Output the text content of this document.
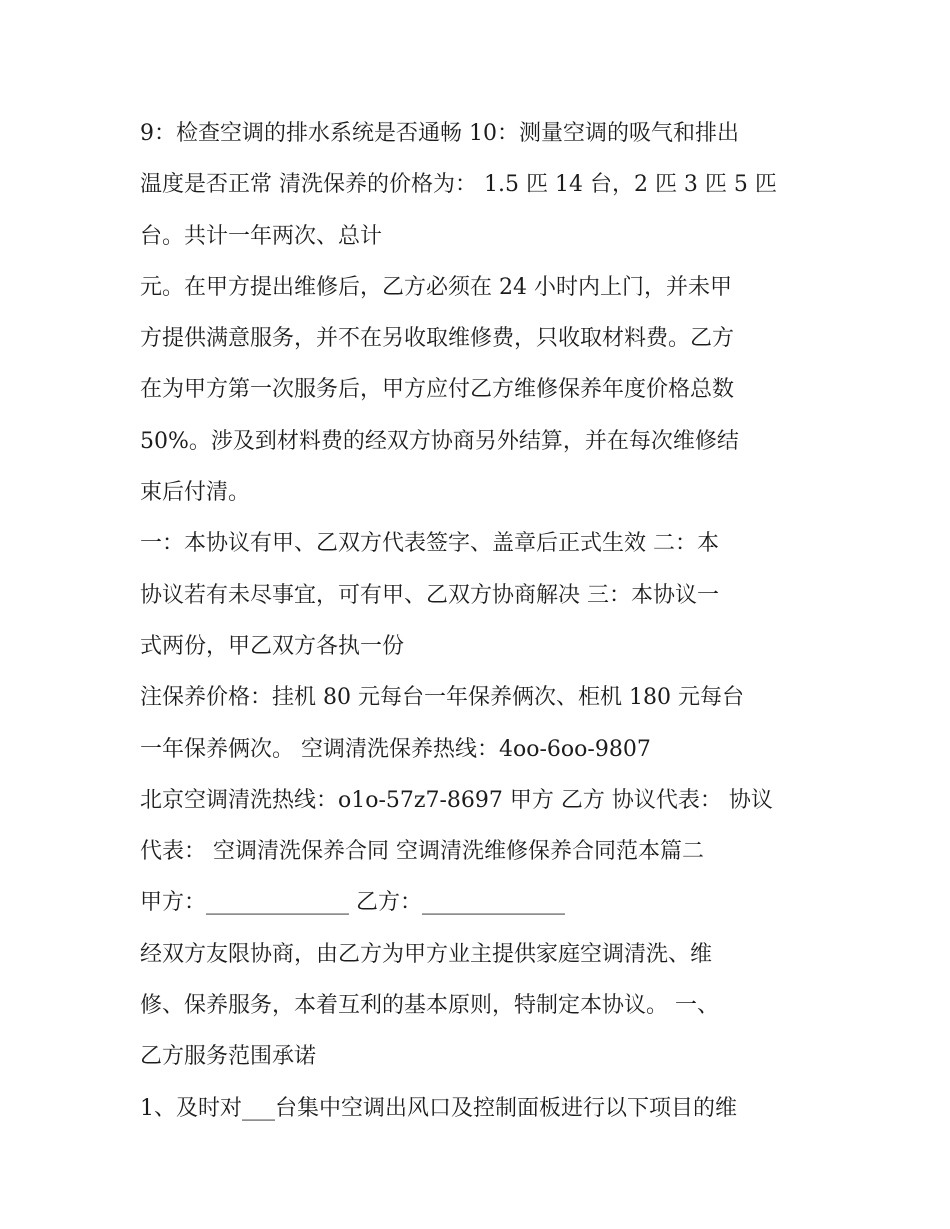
9：检查空调的排水系统是否通畅 10：测量空调的吸气和排出
温度是否正常 清洗保养的价格为： 1.5 匹 14 台，2 匹 3 匹 5 匹
台。共计一年两次、总计
元。在甲方提出维修后，乙方必须在 24 小时内上门，并未甲
方提供满意服务，并不在另收取维修费，只收取材料费。乙方
在为甲方第一次服务后，甲方应付乙方维修保养年度价格总数
50%。涉及到材料费的经双方协商另外结算，并在每次维修结
束后付清。
一：本协议有甲、乙双方代表签字、盖章后正式生效 二：本
协议若有未尽事宜，可有甲、乙双方协商解决 三：本协议一
式两份，甲乙双方各执一份
注保养价格：挂机 80 元每台一年保养俩次、柜机 180 元每台
一年保养俩次。 空调清洗保养热线：4oo-6oo-9807
北京空调清洗热线：o1o-57z7-8697 甲方 乙方 协议代表： 协议
代表： 空调清洗保养合同 空调清洗维修保养合同范本篇二
甲方：_____________ 乙方：_____________
经双方友限协商，由乙方为甲方业主提供家庭空调清洗、维
修、保养服务，本着互利的基本原则，特制定本协议。 一、
乙方服务范围承诺
1、及时对___台集中空调出风口及控制面板进行以下项目的维
